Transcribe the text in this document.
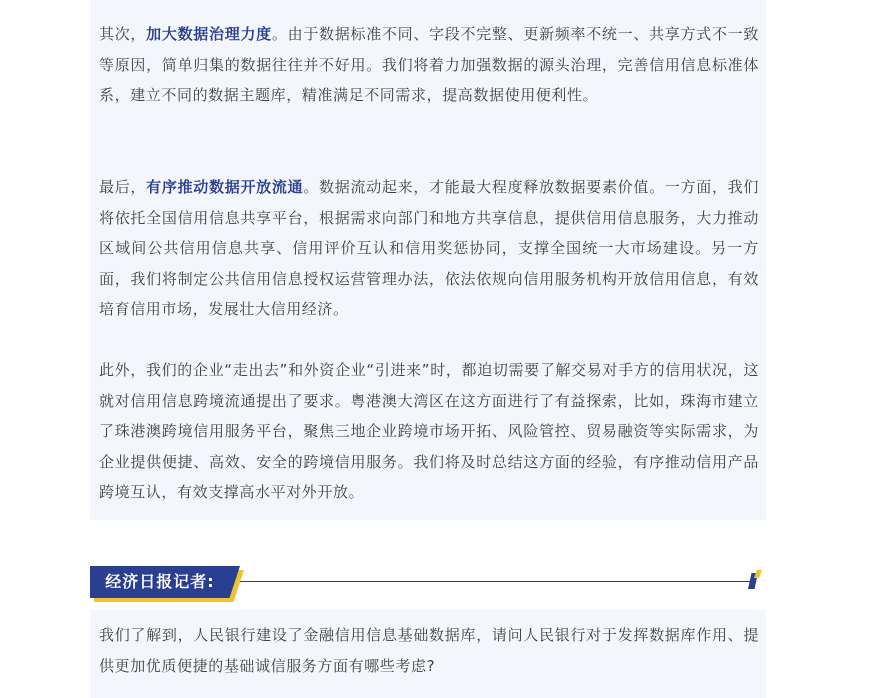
其次，加大数据治理力度。由于数据标准不同、字段不完整、更新频率不统一、共享方式不一致等原因，简单归集的数据往往并不好用。我们将着力加强数据的源头治理，完善信用信息标准体系，建立不同的数据主题库，精准满足不同需求，提高数据使用便利性。

最后，有序推动数据开放流通。数据流动起来，才能最大程度释放数据要素价值。一方面，我们将依托全国信用信息共享平台，根据需求向部门和地方共享信息，提供信用信息服务，大力推动区域间公共信用信息共享、信用评价互认和信用奖惩协同，支撑全国统一大市场建设。另一方面，我们将制定公共信用信息授权运营管理办法，依法依规向信用服务机构开放信用信息，有效培育信用市场，发展壮大信用经济。

此外，我们的企业“走出去”和外资企业“引进来”时，都迫切需要了解交易对手方的信用状况，这就对信用信息跨境流通提出了要求。粤港澳大湾区在这方面进行了有益探索，比如，珠海市建立了珠港澳跨境信用服务平台，聚焦三地企业跨境市场开拓、风险管控、贸易融资等实际需求，为企业提供便捷、高效、安全的跨境信用服务。我们将及时总结这方面的经验，有序推动信用产品跨境互认，有效支撑高水平对外开放。

经济日报记者:

我们了解到，人民银行建设了金融信用信息基础数据库，请问人民银行对于发挥数据库作用、提供更加优质便捷的基础诚信服务方面有哪些考虑?
